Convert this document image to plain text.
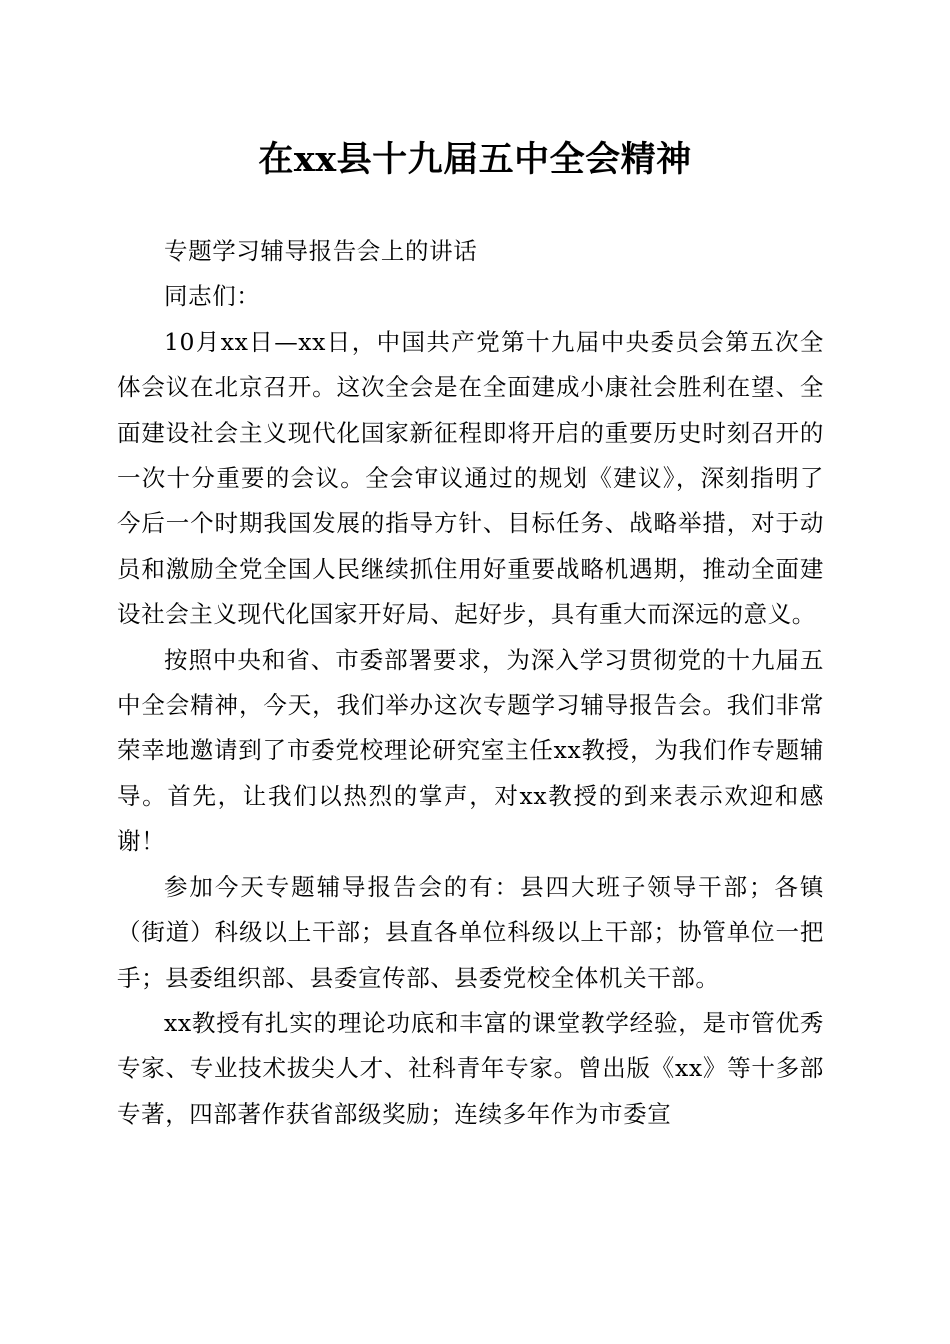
在xx县十九届五中全会精神

专题学习辅导报告会上的讲话

同志们：

10月xx日—xx日，中国共产党第十九届中央委员会第五次全体会议在北京召开。这次全会是在全面建成小康社会胜利在望、全面建设社会主义现代化国家新征程即将开启的重要历史时刻召开的一次十分重要的会议。全会审议通过的规划《建议》，深刻指明了今后一个时期我国发展的指导方针、目标任务、战略举措，对于动员和激励全党全国人民继续抓住用好重要战略机遇期，推动全面建设社会主义现代化国家开好局、起好步，具有重大而深远的意义。

按照中央和省、市委部署要求，为深入学习贯彻党的十九届五中全会精神，今天，我们举办这次专题学习辅导报告会。我们非常荣幸地邀请到了市委党校理论研究室主任xx教授，为我们作专题辅导。首先，让我们以热烈的掌声，对xx教授的到来表示欢迎和感谢！

参加今天专题辅导报告会的有：县四大班子领导干部；各镇（街道）科级以上干部；县直各单位科级以上干部；协管单位一把手；县委组织部、县委宣传部、县委党校全体机关干部。

xx教授有扎实的理论功底和丰富的课堂教学经验，是市管优秀专家、专业技术拔尖人才、社科青年专家。曾出版《xx》等十多部专著，四部著作获省部级奖励；连续多年作为市委宣
